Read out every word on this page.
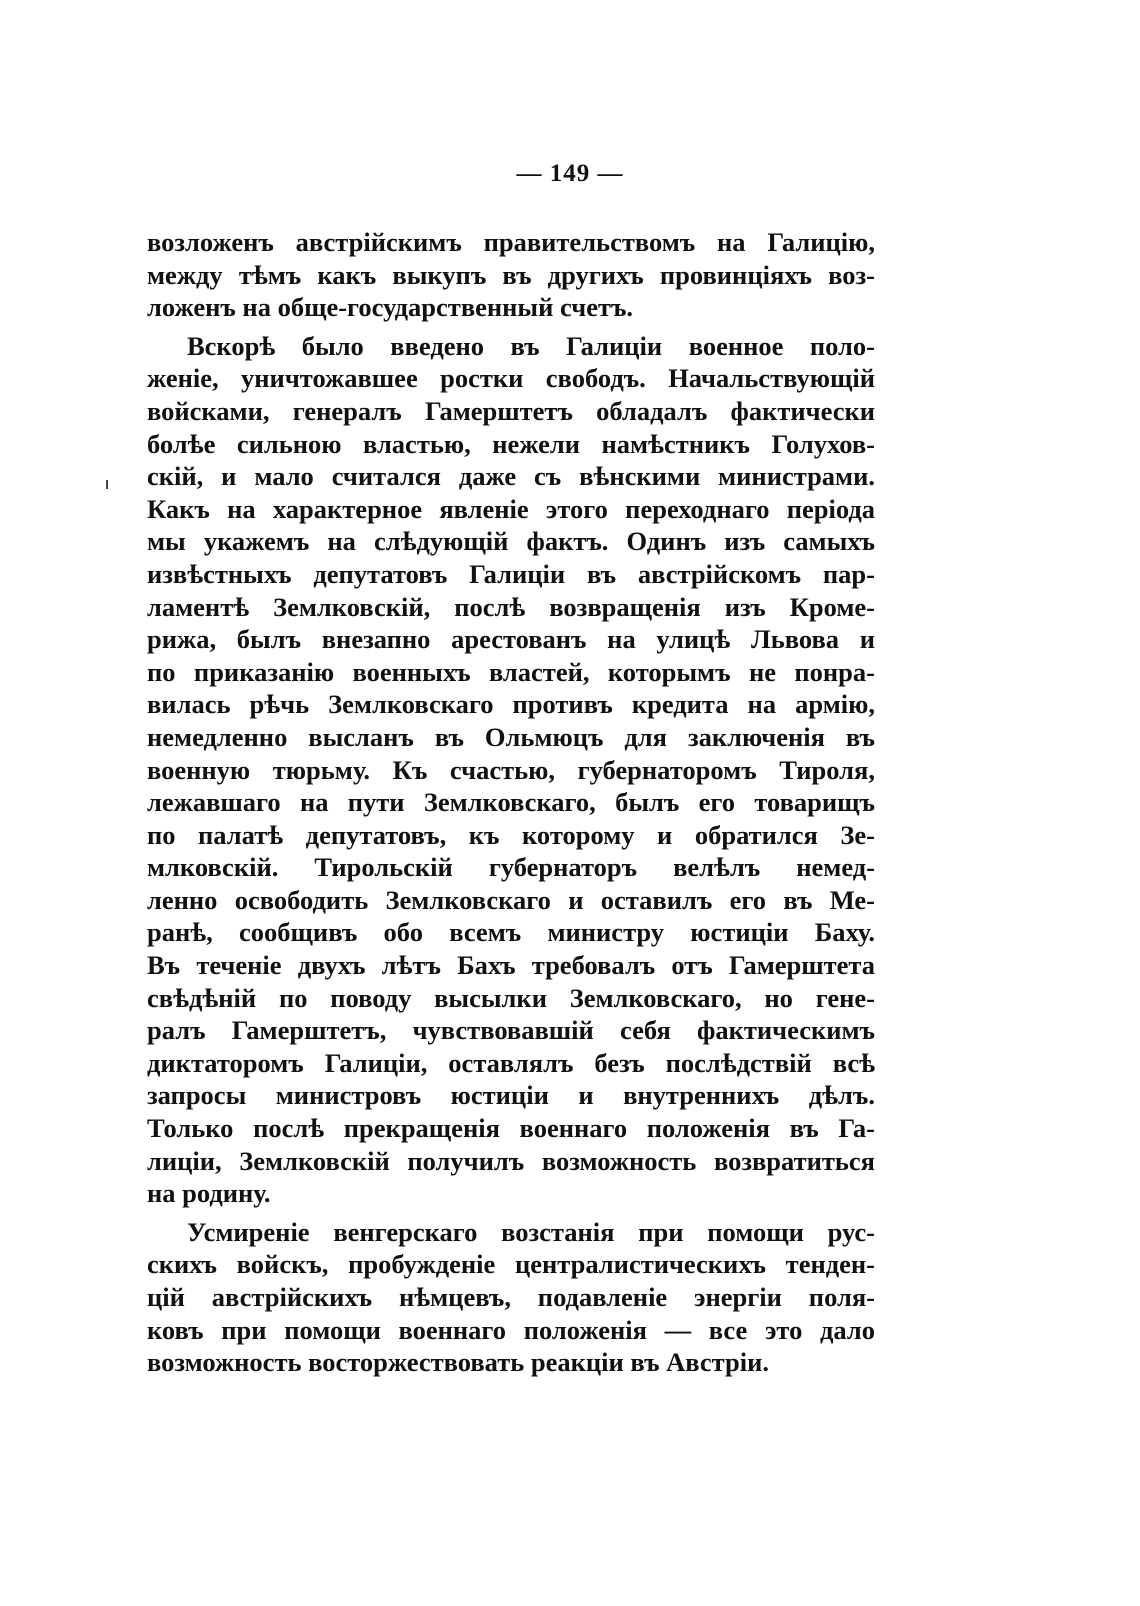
— 149 —

возложенъ австрійскимъ правительствомъ на Галицію,
между тѣмъ какъ выкупъ въ другихъ провинціяхъ воз-
ложенъ на обще-государственный счетъ.

Вскорѣ было введено въ Галиціи военное поло-
женіе, уничтожавшее ростки свободъ. Начальствующій
войсками, генералъ Гамерштетъ обладалъ фактически
болѣе сильною властью, нежели намѣстникъ Голухов-
скій, и мало считался даже съ вѣнскими министрами.
Какъ на характерное явленіе этого переходнаго періода
мы укажемъ на слѣдующій фактъ. Одинъ изъ самыхъ
извѣстныхъ депутатовъ Галиціи въ австрійскомъ пар-
ламентѣ Землковскій, послѣ возвращенія изъ Кроме-
рижа, былъ внезапно арестованъ на улицѣ Львова и
по приказанію военныхъ властей, которымъ не понра-
вилась рѣчь Землковскаго противъ кредита на армію,
немедленно высланъ въ Ольмюцъ для заключенія въ
военную тюрьму. Къ счастью, губернаторомъ Тироля,
лежавшаго на пути Землковскаго, былъ его товарищъ
по палатѣ депутатовъ, къ которому и обратился Зе-
млковскій. Тирольскій губернаторъ велѣлъ немед-
ленно освободить Землковскаго и оставилъ его въ Ме-
ранѣ, сообщивъ обо всемъ министру юстиціи Баху.
Въ теченіе двухъ лѣтъ Бахъ требовалъ отъ Гамерштета
свѣдѣній по поводу высылки Землковскаго, но гене-
ралъ Гамерштетъ, чувствовавшій себя фактическимъ
диктаторомъ Галиціи, оставлялъ безъ послѣдствій всѣ
запросы министровъ юстиціи и внутреннихъ дѣлъ.
Только послѣ прекращенія военнаго положенія въ Га-
лиціи, Землковскій получилъ возможность возвратиться
на родину.

Усмиреніе венгерскаго возстанія при помощи рус-
скихъ войскъ, пробужденіе централистическихъ тенден-
цій австрійскихъ нѣмцевъ, подавленіе энергіи поля-
ковъ при помощи военнаго положенія — все это дало
возможность восторжествовать реакціи въ Австріи.
